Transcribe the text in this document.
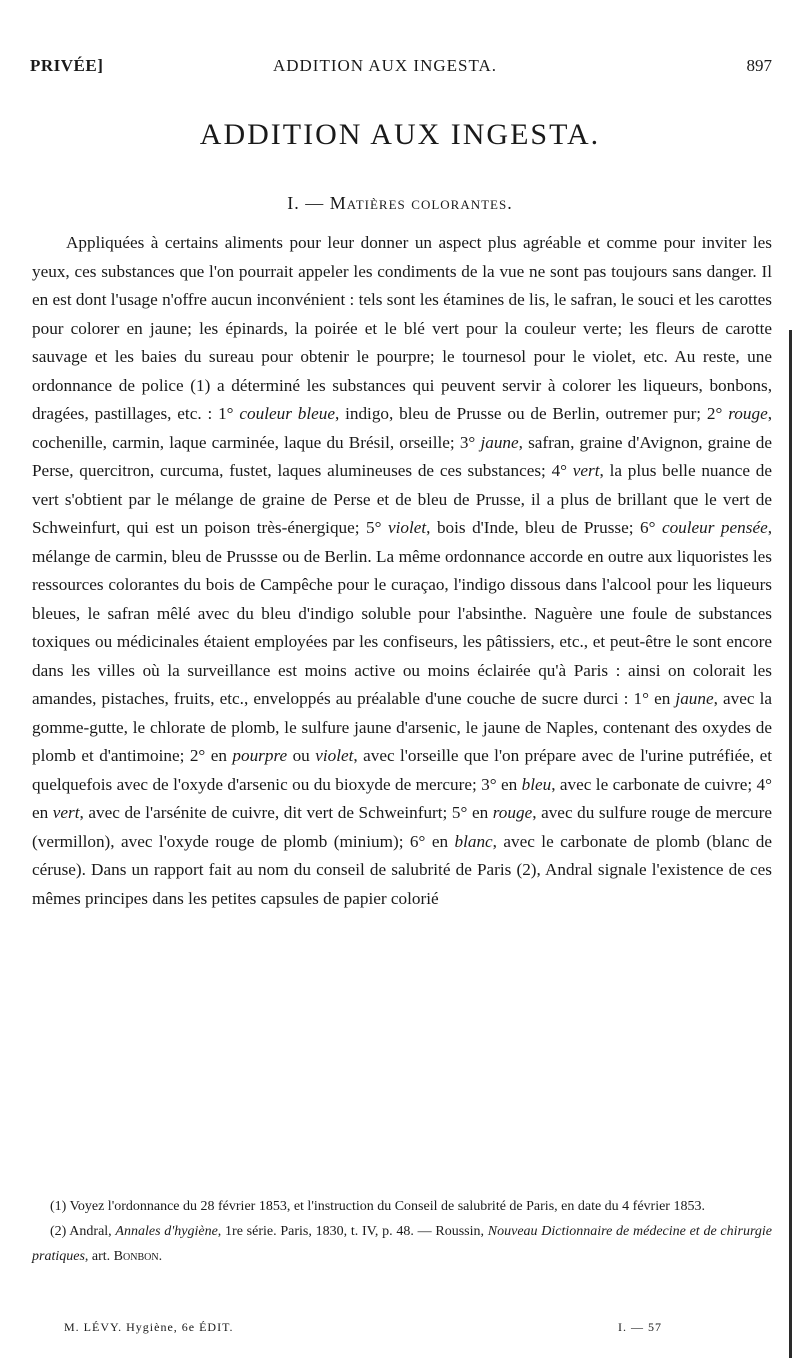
PRIVÉE]	ADDITION AUX INGESTA.	897
ADDITION AUX INGESTA.
I. — Matières colorantes.

Appliquées à certains aliments pour leur donner un aspect plus agréable et comme pour inviter les yeux, ces substances que l'on pourrait appeler les condiments de la vue ne sont pas toujours sans danger. Il en est dont l'usage n'offre aucun inconvénient : tels sont les étamines de lis, le safran, le souci et les carottes pour colorer en jaune; les épinards, la poirée et le blé vert pour la couleur verte; les fleurs de carotte sauvage et les baies du sureau pour obtenir le pourpre; le tournesol pour le violet, etc. Au reste, une ordonnance de police (1) a déterminé les substances qui peuvent servir à colorer les liqueurs, bonbons, dragées, pastillages, etc. : 1° couleur bleue, indigo, bleu de Prusse ou de Berlin, outremer pur; 2° rouge, cochenille, carmin, laque carminée, laque du Brésil, orseille; 3° jaune, safran, graine d'Avignon, graine de Perse, quercitron, curcuma, fustet, laques alumineuses de ces substances; 4° vert, la plus belle nuance de vert s'obtient par le mélange de graine de Perse et de bleu de Prusse, il a plus de brillant que le vert de Schweinfurt, qui est un poison très-énergique; 5° violet, bois d'Inde, bleu de Prusse; 6° couleur pensée, mélange de carmin, bleu de Prussse ou de Berlin. La même ordonnance accorde en outre aux liquoristes les ressources colorantes du bois de Campêche pour le curaçao, l'indigo dissous dans l'alcool pour les liqueurs bleues, le safran mêlé avec du bleu d'indigo soluble pour l'absinthe. Naguère une foule de substances toxiques ou médicinales étaient employées par les confiseurs, les pâtissiers, etc., et peut-être le sont encore dans les villes où la surveillance est moins active ou moins éclairée qu'à Paris : ainsi on colorait les amandes, pistaches, fruits, etc., enveloppés au préalable d'une couche de sucre durci : 1° en jaune, avec la gomme-gutte, le chlorate de plomb, le sulfure jaune d'arsenic, le jaune de Naples, contenant des oxydes de plomb et d'antimoine; 2° en pourpre ou violet, avec l'orseille que l'on prépare avec de l'urine putréfiée, et quelquefois avec de l'oxyde d'arsenic ou du bioxyde de mercure; 3° en bleu, avec le carbonate de cuivre; 4° en vert, avec de l'arsénite de cuivre, dit vert de Schweinfurt; 5° en rouge, avec du sulfure rouge de mercure (vermillon), avec l'oxyde rouge de plomb (minium); 6° en blanc, avec le carbonate de plomb (blanc de céruse). Dans un rapport fait au nom du conseil de salubrité de Paris (2), Andral signale l'existence de ces mêmes principes dans les petites capsules de papier colorié

(1) Voyez l'ordonnance du 28 février 1853, et l'instruction du Conseil de salubrité de Paris, en date du 4 février 1853.

(2) Andral, Annales d'hygiène, 1re série. Paris, 1830, t. IV, p. 48. — Roussin, Nouveau Dictionnaire de médecine et de chirurgie pratiques, art. Bonbon.

M. LÉVY. Hygiène, 6e ÉDIT.	I. — 57
